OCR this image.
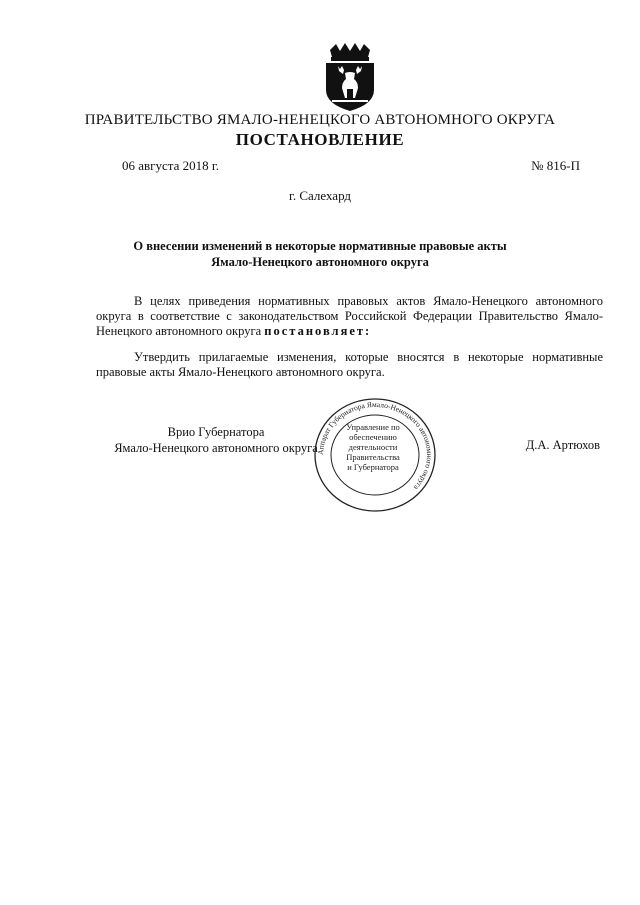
ПРАВИТЕЛЬСТВО ЯМАЛО-НЕНЕЦКОГО АВТОНОМНОГО ОКРУГА
ПОСТАНОВЛЕНИЕ
06 августа 2018 г.	№ 816-П
г. Салехард
О внесении изменений в некоторые нормативные правовые акты
Ямало-Ненецкого автономного округа
В целях приведения нормативных правовых актов Ямало-Ненецкого автономного округа в соответствие с законодательством Российской Федерации Правительство Ямало-Ненецкого автономного округа постановляет:
Утвердить прилагаемые изменения, которые вносятся в некоторые нормативные правовые акты Ямало-Ненецкого автономного округа.
Врио Губернатора
Ямало-Ненецкого автономного округа	Д.А. Артюхов
Аппарат Губернатора Ямало-Ненецкого автономного округа
Управление по
обеспечению
деятельности
Правительства
и Губернатора
